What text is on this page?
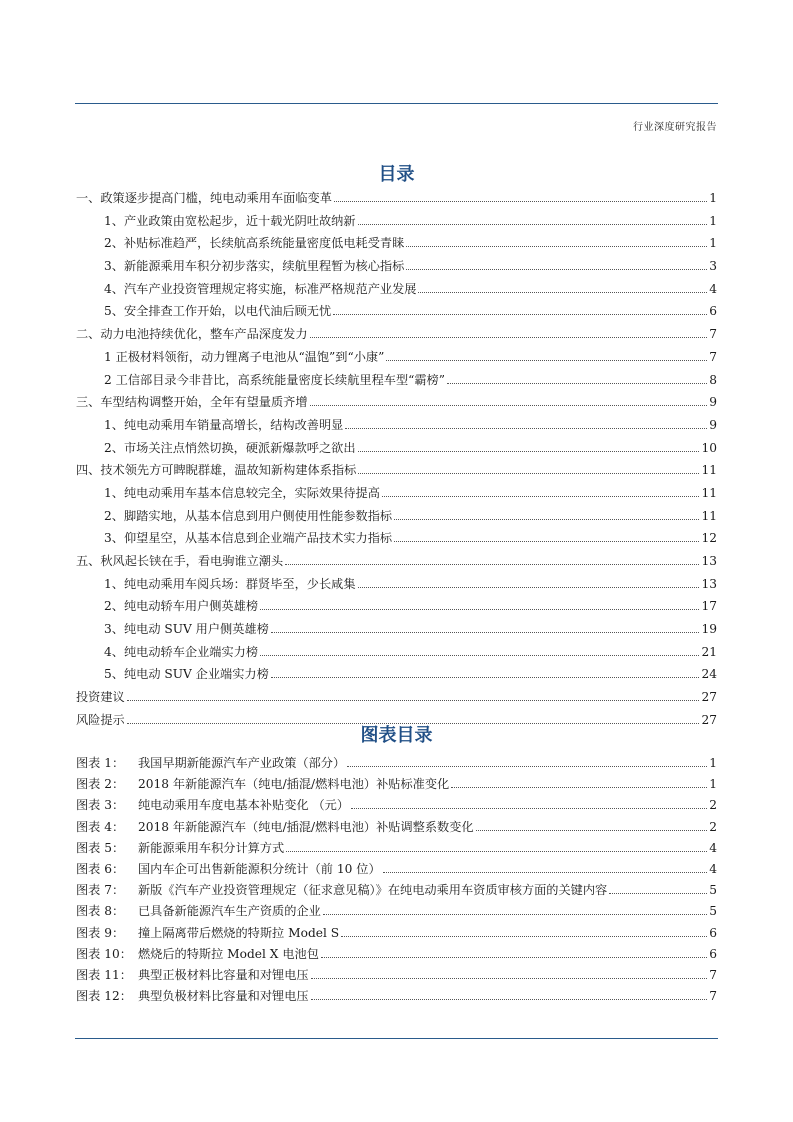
行业深度研究报告
目录
一、政策逐步提高门槛，纯电动乘用车面临变革	1
1、产业政策由宽松起步，近十载光阴吐故纳新	1
2、补贴标准趋严，长续航高系统能量密度低电耗受青睐	1
3、新能源乘用车积分初步落实，续航里程暂为核心指标	3
4、汽车产业投资管理规定将实施，标准严格规范产业发展	4
5、安全排查工作开始，以电代油后顾无忧	6
二、动力电池持续优化，整车产品深度发力	7
1 正极材料领衔，动力锂离子电池从“温饱”到“小康”	7
2 工信部目录今非昔比，高系统能量密度长续航里程车型“霸榜”	8
三、车型结构调整开始，全年有望量质齐增	9
1、纯电动乘用车销量高增长，结构改善明显	9
2、市场关注点悄然切换，硬派新爆款呼之欲出	10
四、技术领先方可睥睨群雄，温故知新构建体系指标	11
1、纯电动乘用车基本信息较完全，实际效果待提高	11
2、脚踏实地，从基本信息到用户侧使用性能参数指标	11
3、仰望星空，从基本信息到企业端产品技术实力指标	12
五、秋风起长铗在手，看电驹谁立潮头	13
1、纯电动乘用车阅兵场：群贤毕至，少长咸集	13
2、纯电动轿车用户侧英雄榜	17
3、纯电动 SUV 用户侧英雄榜	19
4、纯电动轿车企业端实力榜	21
5、纯电动 SUV 企业端实力榜	24
投资建议	27
风险提示	27
图表目录
图表 1：	我国早期新能源汽车产业政策（部分）	1
图表 2：	2018 年新能源汽车（纯电/插混/燃料电池）补贴标准变化	1
图表 3：	纯电动乘用车度电基本补贴变化 （元）	2
图表 4：	2018 年新能源汽车（纯电/插混/燃料电池）补贴调整系数变化	2
图表 5：	新能源乘用车积分计算方式	4
图表 6：	国内车企可出售新能源积分统计（前 10 位）	4
图表 7：	新版《汽车产业投资管理规定（征求意见稿）》在纯电动乘用车资质审核方面的关键内容	5
图表 8：	已具备新能源汽车生产资质的企业	5
图表 9：	撞上隔离带后燃烧的特斯拉 Model S	6
图表 10： 燃烧后的特斯拉 Model X 电池包	6
图表 11： 典型正极材料比容量和对锂电压	7
图表 12： 典型负极材料比容量和对锂电压	7
